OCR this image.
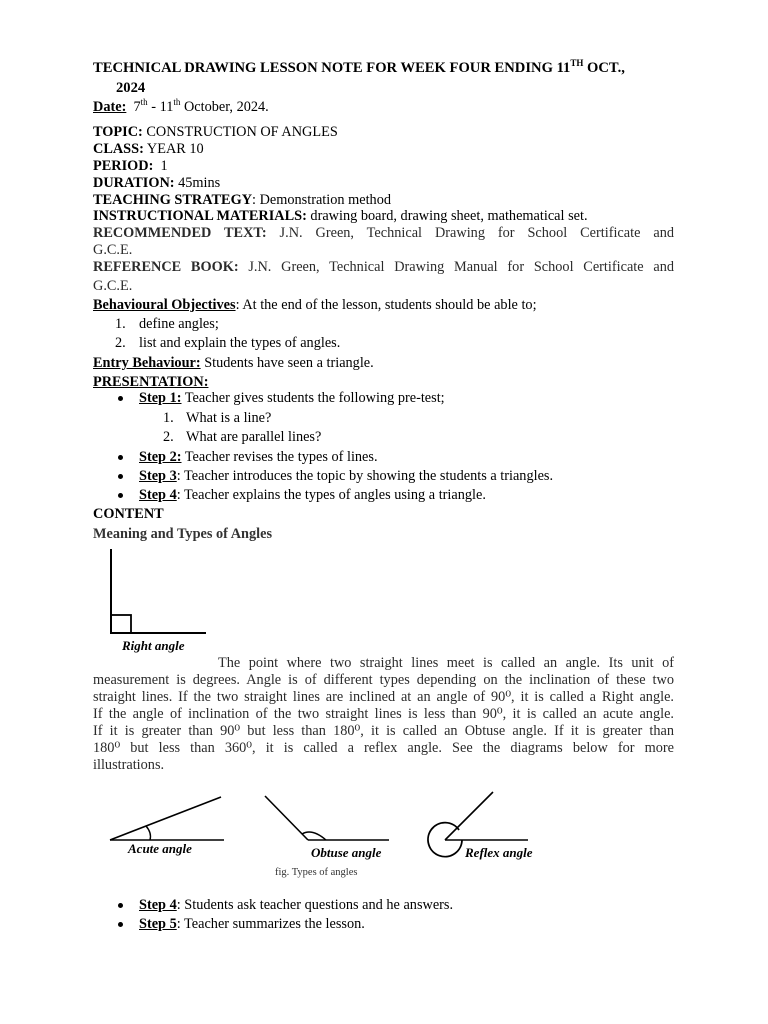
TECHNICAL DRAWING LESSON NOTE FOR WEEK FOUR ENDING 11TH OCT.,
2024
Date: 7th - 11th October, 2024.
TOPIC: CONSTRUCTION OF ANGLES
CLASS: YEAR 10
PERIOD:  1
DURATION: 45mins
TEACHING STRATEGY: Demonstration method
INSTRUCTIONAL MATERIALS: drawing board, drawing sheet, mathematical set.
RECOMMENDED TEXT: J.N. Green, Technical Drawing for School Certificate and
G.C.E.
REFERENCE BOOK: J.N. Green, Technical Drawing Manual for School Certificate and
G.C.E.
Behavioural Objectives: At the end of the lesson, students should be able to;
1. define angles;
2. list and explain the types of angles.
Entry Behaviour: Students have seen a triangle.
PRESENTATION:
Step 1: Teacher gives students the following pre-test;
1. What is a line?
2. What are parallel lines?
Step 2: Teacher revises the types of lines.
Step 3: Teacher introduces the topic by showing the students a triangles.
Step 4: Teacher explains the types of angles using a triangle.
CONTENT
Meaning and Types of Angles
Right angle
The point where two straight lines meet is called an angle. Its unit of
measurement is degrees. Angle is of different types depending on the inclination of these two
straight lines. If the two straight lines are inclined at an angle of 90⁰, it is called a Right angle.
If the angle of inclination of the two straight lines is less than 90⁰, it is called an acute angle.
If it is greater than 90⁰ but less than 180⁰, it is called an Obtuse angle. If it is greater than
180⁰ but less than 360⁰, it is called a reflex angle. See the diagrams below for more
illustrations.
Acute angle	Obtuse angle	Reflex angle
fig. Types of angles
Step 4: Students ask teacher questions and he answers.
Step 5: Teacher summarizes the lesson.
